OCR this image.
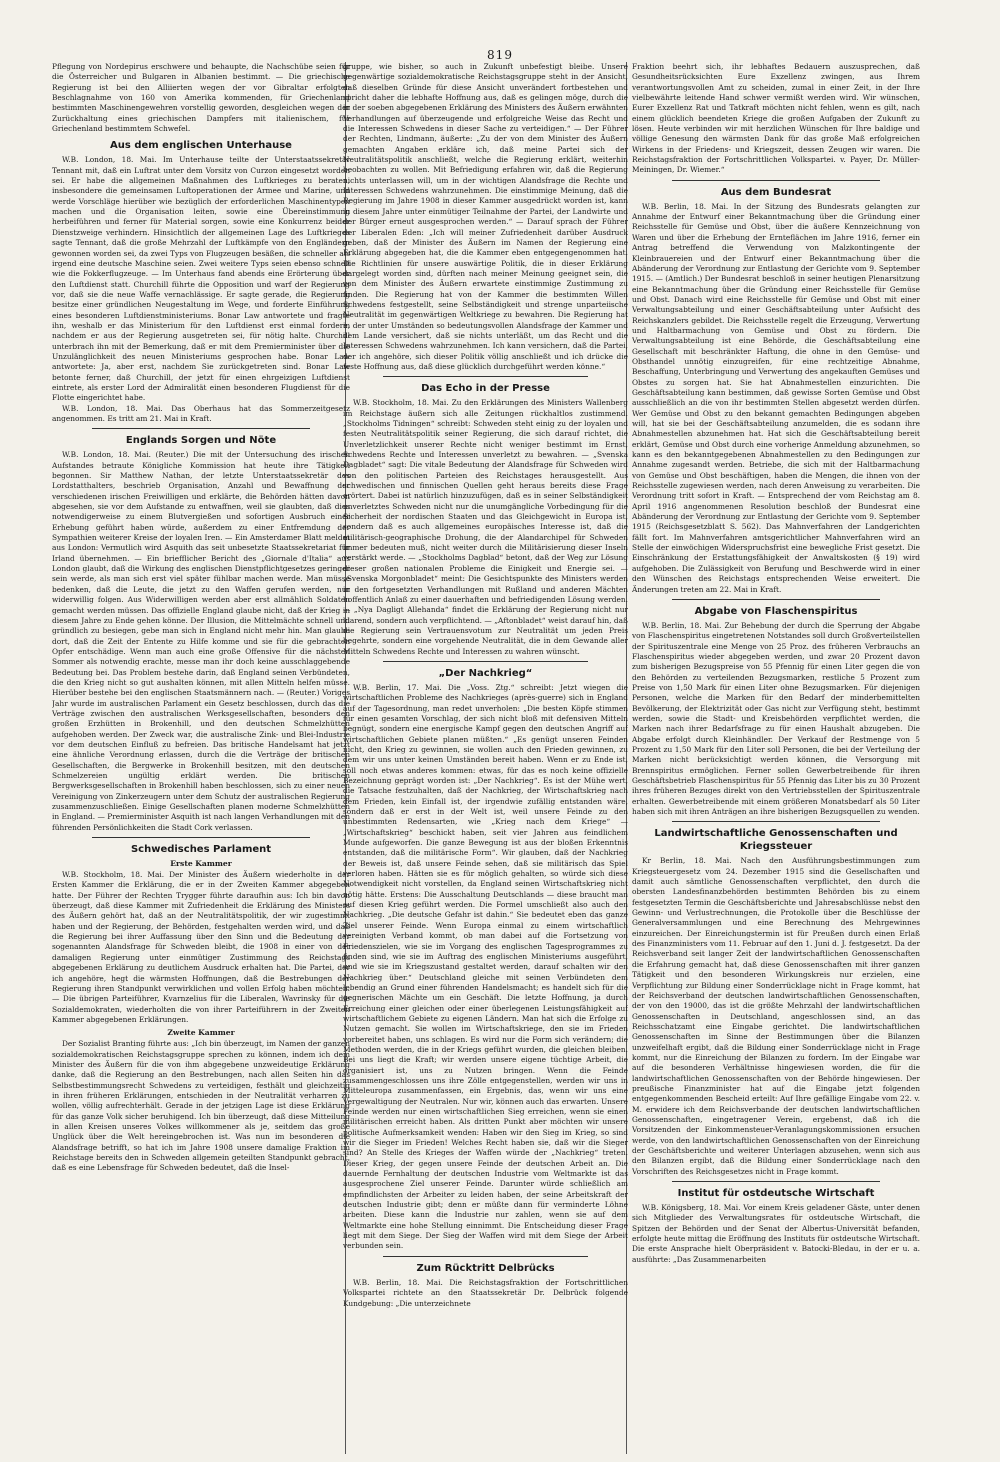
819

Pflegung von Nordepirus erschwere und behaupte, die Nachschübe seien für die Österreicher und Bulgaren in Albanien bestimmt. — Die griechische Regierung ist bei den Alliierten wegen der vor Gibraltar erfolgten Beschlagnahme von 160 von Amerika kommenden, für Griechenland bestimmten Maschinengewehren vorstellig geworden, desgleichen wegen der Zurückhaltung eines griechischen Dampfers mit italienischem, für Griechenland bestimmtem Schwefel.

Aus dem englischen Unterhause

W.B. London, 18. Mai. Im Unterhause teilte der Unterstaatssekretär Tennant mit, daß ein Luftrat unter dem Vorsitz von Curzon eingesetzt worden sei. Er habe die allgemeinen Maßnahmen des Luftkrieges zu beraten, insbesondere die gemeinsamen Luftoperationen der Armee und Marine, und werde Vorschläge hierüber wie bezüglich der erforderlichen Maschinentypen machen und die Organisation leiten, sowie eine Übereinstimmung herbeiführen und ferner für Material sorgen, sowie eine Konkurrenz beider Dienstzweige verhindern. Hinsichtlich der allgemeinen Lage des Luftkrieges sagte Tennant, daß die große Mehrzahl der Luftkämpfe von den Engländern gewonnen worden sei, da zwei Typs von Flugzeugen besäßen, die schneller als irgend eine deutsche Maschine seien. Zwei weitere Typs seien ebenso schnell wie die Fokkerflugzeuge. — Im Unterhaus fand abends eine Erörterung über den Luftdienst statt. Churchill führte die Opposition und warf der Regierung vor, daß sie die neue Waffe vernachlässige. Er sagte gerade, die Regierung besitze einer gründlichen Neugestaltung im Wege, und forderte Einführung eines besonderen Luftdienstministeriums. Bonar Law antwortete und fragte ihn, weshalb er das Ministerium für den Luftdienst erst einmal fordere, nachdem er aus der Regierung ausgetreten sei, für nötig halte. Churchill unterbrach ihn mit der Bemerkung, daß er mit dem Premierminister über die Unzulänglichkeit des neuen Ministeriums gesprochen habe. Bonar Law antwortete: Ja, aber erst, nachdem Sie zurückgetreten sind. Bonar Law betonte ferner, daß Churchill, der jetzt für einen ehrgeizigen Luftdienst eintrete, als erster Lord der Admiralität einen besonderen Flugdienst für die Flotte eingerichtet habe.

W.B. London, 18. Mai. Das Oberhaus hat das Sommerzeitgesetz angenommen. Es tritt am 21. Mai in Kraft.

Englands Sorgen und Nöte

W.B. London, 18. Mai. (Reuter.) Die mit der Untersuchung des irischen Aufstandes betraute Königliche Kommission hat heute ihre Tätigkeit begonnen. Sir Matthew Nathan, der letzte Unterstaatssekretär des Lordstatthalters, beschrieb Organisation, Anzahl und Bewaffnung der verschiedenen irischen Freiwilligen und erklärte, die Behörden hätten davon abgesehen, sie vor dem Aufstande zu entwaffnen, weil sie glaubten, daß dies notwendigerweise zu einem Blutvergießen und sofortigen Ausbruch einer Erhebung geführt haben würde, außerdem zu einer Entfremdung der Sympathien weiterer Kreise der loyalen Iren. — Ein Amsterdamer Blatt meldet aus London: Vermutlich wird Asquith das seit unbesetzte Staatssekretariat für Irland übernehmen. — Ein briefflicher Bericht des „Giornale d'Italia“ aus London glaubt, daß die Wirkung des englischen Dienstpflichtgesetzes geringer sein werde, als man sich erst viel später fühlbar machen werde. Man müsse bedenken, daß die Leute, die jetzt zu den Waffen gerufen werden, nur widerwillig folgen. Aus Widerwilligen werden aber erst allmählich Soldaten gemacht werden müssen. Das offizielle England glaube nicht, daß der Krieg in diesem Jahre zu Ende gehen könne. Der Illusion, die Mittelmächte schnell und gründlich zu besiegen, gebe man sich in England nicht mehr hin. Man glaube dort, daß die Zeit der Entente zu Hilfe komme und sie für die gebrachten Opfer entschädige. Wenn man auch eine große Offensive für die nächsten Sommer als notwendig erachte, messe man ihr doch keine ausschlaggebende Bedeutung bei. Das Problem bestehe darin, daß England seinen Verbündeten, die den Krieg nicht so gut aushalten können, mit allen Mitteln helfen müsse. Hierüber bestehe bei den englischen Staatsmännern nach. — (Reuter.) Voriges Jahr wurde im australischen Parlament ein Gesetz beschlossen, durch das die Verträge zwischen den australischen Werksgesellschaften, besonders den großen Erzhütten in Brokenhill, und den deutschen Schmelzhütten aufgehoben werden. Der Zweck war, die australische Zink- und Blei-Industrie vor dem deutschen Einfluß zu befreien. Das britische Handelsamt hat jetzt eine ähnliche Verordnung erlassen, durch die die Verträge der britischen Gesellschaften, die Bergwerke in Brokenhill besitzen, mit den deutschen Schmelzereien ungültig erklärt werden. Die britischen Bergwerksgesellschaften in Brokenhill haben beschlossen, sich zu einer neuen Vereinigung von Zinkerzeugern unter dem Schutz der australischen Regierung zusammenzuschließen. Einige Gesellschaften planen moderne Schmelzhütten in England. — Premierminister Asquith ist nach langen Verhandlungen mit den führenden Persönlichkeiten die Stadt Cork verlassen.

Schwedisches Parlament
Erste Kammer

W.B. Stockholm, 18. Mai. Der Minister des Äußern wiederholte in der Ersten Kammer die Erklärung, die er in der Zweiten Kammer abgegeben hatte. Der Führer der Rechten Trygger führte daraufhin aus: Ich bin davon überzeugt, daß diese Kammer mit Zufriedenheit die Erklärung des Ministers des Äußern gehört hat, daß an der Neutralitätspolitik, der wir zugestimmt haben und der Regierung, der Behörden, festgehalten werden wird, und daß die Regierung bei ihrer Auffassung über den Sinn und die Bedeutung der sogenannten Alandsfrage für Schweden bleibt, die 1908 in einer von der damaligen Regierung unter einmütiger Zustimmung des Reichstags abgegebenen Erklärung zu deutlichem Ausdruck erhalten hat. Die Partei, der ich angehöre, hegt die wärmsten Hoffnungen, daß die Bestrebungen der Regierung ihren Standpunkt verwirklichen und vollen Erfolg haben möchten. — Die übrigen Parteiführer, Kvarnzelius für die Liberalen, Wavrinsky für die Sozialdemokraten, wiederholten die von ihrer Parteiführern in der Zweiten Kammer abgegebenen Erklärungen.

Zweite Kammer

Der Sozialist Branting führte aus: „Ich bin überzeugt, im Namen der ganzen sozialdemokratischen Reichstagsgruppe sprechen zu können, indem ich dem Minister des Äußern für die von ihm abgegebene unzweideutige Erklärung danke, daß die Regierung an den Bestrebungen, nach allen Seiten hin das Selbstbestimmungsrecht Schwedens zu verteidigen, festhält und gleichzeitig in ihren früheren Erklärungen, entschieden in der Neutralität verharren zu wollen, völlig aufrechterhält. Gerade in der jetzigen Lage ist diese Erklärung für das ganze Volk sicher beruhigend. Ich bin überzeugt, daß diese Mitteilung in allen Kreisen unseres Volkes willkommener als je, seitdem das große Unglück über die Welt hereingebrochen ist. Was nun im besonderen die Alandsfrage betrifft, so hat ich im Jahre 1908 unsere damalige Fraktion im Reichstage bereits den in Schweden allgemein geteilten Standpunkt gebracht, daß es eine Lebensfrage für Schweden bedeutet, daß die Insel-

gruppe, wie bisher, so auch in Zukunft unbefestigt bleibe. Unsere gegenwärtige sozialdemokratische Reichstagsgruppe steht in der Ansicht, daß dieselben Gründe für diese Ansicht unverändert fortbestehen und spricht daher die lebhafte Hoffnung aus, daß es gelingen möge, durch die in der soeben abgegebenen Erklärung des Ministers des Äußern erwähnten Verhandlungen auf überzeugende und erfolgreiche Weise das Recht und die Interessen Schwedens in dieser Sache zu verteidigen.“ — Der Führer der Rechten, Lindmann, äußerte: „Zu der von dem Minister des Äußern gemachten Angaben erkläre ich, daß meine Partei sich der Neutralitätspolitik anschließt, welche die Regierung erklärt, weiterhin beobachten zu wollen. Mit Befriedigung erfahren wir, daß die Regierung nichts unterlassen will, um in der wichtigen Alandsfrage die Rechte und Interessen Schwedens wahrzunehmen. Die einstimmige Meinung, daß die Regierung im Jahre 1908 in dieser Kammer ausgedrückt worden ist, kann in diesem Jahre unter einmütiger Teilnahme der Partei, der Landwirte und der Bürger erneut ausgesprochen werden.“ — Darauf sprach der Führer der Liberalen Eden: „Ich will meiner Zufriedenheit darüber Ausdruck geben, daß der Minister des Äußern im Namen der Regierung eine Erklärung abgegeben hat, die die Kammer eben entgegengenommen hat. Die Richtlinien für unsere auswärtige Politik, die in dieser Erklärung dargelegt worden sind, dürften nach meiner Meinung geeignet sein, die von dem Minister des Äußern erwartete einstimmige Zustimmung zu finden. Die Regierung hat von der Kammer die bestimmten Willen Schwedens festgestellt, seine Selbständigkeit und strenge unparteiische Neutralität im gegenwärtigen Weltkriege zu bewahren. Die Regierung hat in der unter Umständen so bedeutungsvollen Alandsfrage der Kammer und dem Lande versichert, daß sie nichts unterläßt, um das Recht und die Interessen Schwedens wahrzunehmen. Ich kann versichern, daß die Partei, der ich angehöre, sich dieser Politik völlig anschließt und ich drücke die feste Hoffnung aus, daß diese glücklich durchgeführt werden könne.“

Das Echo in der Presse

W.B. Stockholm, 18. Mai. Zu den Erklärungen des Ministers Wallenberg im Reichstage äußern sich alle Zeitungen rückhaltlos zustimmend. „Stockholms Tidningen“ schreibt: Schweden steht einig zu der loyalen und festen Neutralitätspolitik seiner Regierung, die sich darauf richtet, die Unverletzlichkeit unserer Rechte nicht weniger bestimmt im Ernst, Schwedens Rechte und Interessen unverletzt zu bewahren. — „Svenska Dagbladet“ sagt: Die vitale Bedeutung der Alandsfrage für Schweden wird von den politischen Parteien des Reichstages herausgestellt. Aus schwedischen und finnischen Quellen geht heraus bereits diese Frage erörtert. Dabei ist natürlich hinzuzufügen, daß es in seiner Selbständigkeit unverletztes Schweden nicht nur die unumgängliche Vorbedingung für die Sicherheit der nordischen Staaten und das Gleichgewicht in Europa ist, sondern daß es auch allgemeines europäisches Interesse ist, daß die militärisch-geographische Drohung, die der Alandarchipel für Schweden immer bedeuten muß, nicht weiter durch die Militärisierung dieser Inseln verstärkt werde. — „Stockholms Dagblad“ betont, daß der Weg zur Lösung dieser großen nationalen Probleme die Einigkeit und Energie sei. — „Svenska Morgonbladet“ meint: Die Gesichtspunkte des Ministers werden in den fortgesetzten Verhandlungen mit Rußland und anderen Mächten hoffentlich Anlaß zu einer dauerhaften und befriedigenden Lösung werden. — „Nya Dagligt Allehanda“ findet die Erklärung der Regierung nicht nur klarend, sondern auch verpflichtend. — „Aftonbladet“ weist darauf hin, daß die Regierung sein Vertrauensvotum zur Neutralität um jeden Preis begehrte, sondern eine vorgehende Neutralität, die in dem Gewande aller Mitteln Schwedens Rechte und Interessen zu wahren wünscht.

„Der Nachkrieg“

W.B. Berlin, 17. Mai. Die „Voss. Ztg.“ schreibt: Jetzt wiegen die wirtschaftlichen Probleme des Nachkrieges (après-guerre) sich in England auf der Tagesordnung, man redet unverholen: „Die besten Köpfe stimmen für einen gesamten Vorschlag, der sich nicht bloß mit defensiven Mitteln begnügt, sondern eine energische Kampf gegen den deutschen Angriff auf wirtschaftlichen Gebiete planen müßten.“ „Es genügt unseren Feinden nicht, den Krieg zu gewinnen, sie wollen auch den Frieden gewinnen, zu dem wir uns unter keinen Umständen bereit haben. Wenn er zu Ende ist, soll noch etwas anderes kommen: etwas, für das es noch keine offizielle Bezeichnung geprägt worden ist: „Der Nachkrieg“. Es ist der Mühe wert, die Tatsache festzuhalten, daß der Nachkrieg, der Wirtschaftskrieg nach dem Frieden, kein Einfall ist, der irgendwie zufällig entstanden wäre, sondern daß er erst in der Welt ist, weil unsere Feinde zu den unbestimmten Redensarten, wie „Krieg nach dem Kriege“ — „Wirtschaftskrieg“ beschickt haben, seit vier Jahren aus feindlichem Munde aufgeworfen. Die ganze Bewegung ist aus der bloßen Erkenntnis entstanden, daß die militärische Form“. Wir glauben, daß der Nachkrieg der Beweis ist, daß unsere Feinde sehen, daß sie militärisch das Spiel verloren haben. Hätten sie es für möglich gehalten, so würde sich diese Notwendigkeit nicht vorstellen, da England seinen Wirtschaftskrieg nicht nötig hätte. Erstens: Die Ausschaltung Deutschlands — diese braucht man auf diesen Krieg geführt werden. Die Formel umschließt also auch den Nachkrieg. „Die deutsche Gefahr ist dahin.“ Sie bedeutet eben das ganze Ziel unserer Feinde. Wenn Europa einmal zu einem wirtschaftlich vereinigten Verband kommt, ob man dabei auf die Fortsetzung von Friedenszielen, wie sie im Vorgang des englischen Tagesprogrammes zu finden sind, wie sie im Auftrag des englischen Ministeriums ausgeführt, und wie sie im Kriegszustand gestaltet werden, darauf schalten wir den Nachkrieg über.“ Deutschland gleiche mit seinen Verbündeten dem lebendig an Grund einer führenden Handelsmacht; es handelt sich für die gegnerischen Mächte um ein Geschäft. Die letzte Hoffnung, ja durch Erreichung einer gleichen oder einer überlegenen Leistungsfähigkeit auf wirtschaftlichem Gebiete zu eigenen Ländern. Man hat sich die Erfolge zu Nutzen gemacht. Sie wollen im Wirtschaftskriege, den sie im Frieden vorbereitet haben, uns schlagen. Es wird nur die Form sich verändern; die Methoden werden, die in der Kriegs geführt wurden, die gleichen bleiben. Bei uns liegt die Kraft; wir werden unsere eigene tüchtige Arbeit, die organisiert ist, uns zu Nutzen bringen. Wenn die Feinde zusammengeschlossen uns ihre Zölle entgegenstellen, werden wir uns in Mitteleuropa zusammenfassen, ein Ergebnis, das, wenn wir uns eine Vergewaltigung der Neutralen. Nur wir, können auch das erwarten. Unsere Feinde werden nur einen wirtschaftlichen Sieg erreichen, wenn sie einen militärischen erreicht haben. Als dritten Punkt aber möchten wir unsere politische Aufmerksamkeit wenden: Haben wir den Sieg im Krieg, so sind wir die Sieger im Frieden! Welches Recht haben sie, daß wir die Sieger sind? An Stelle des Krieges der Waffen würde der „Nachkrieg“ treten. Dieser Krieg, der gegen unsere Feinde der deutschen Arbeit an. Die dauernde Fernhaltung der deutschen Industrie vom Weltmarkte ist das ausgesprochene Ziel unserer Feinde. Darunter würde schließlich am empfindlichsten der Arbeiter zu leiden haben, der seine Arbeitskraft der deutschen Industrie gibt; denn er müßte dann für verminderte Löhne arbeiten. Diese kann die Industrie nur zahlen, wenn sie auf dem Weltmarkte eine hohe Stellung einnimmt. Die Entscheidung dieser Frage liegt mit dem Siege. Der Sieg der Waffen wird mit dem Siege der Arbeit verbunden sein.

Zum Rücktritt Delbrücks

W.B. Berlin, 18. Mai. Die Reichstagsfraktion der Fortschrittlichen Volkspartei richtete an den Staatssekretär Dr. Delbrück folgende Kundgebung: „Die unterzeichnete

Fraktion beehrt sich, ihr lebhaftes Bedauern auszusprechen, daß Gesundheitsrücksichten Eure Exzellenz zwingen, aus Ihrem verantwortungsvollen Amt zu scheiden, zumal in einer Zeit, in der Ihre vielbewährte leitende Hand schwer vermißt werden wird. Wir wünschen, Eurer Exzellenz Rat und Tatkraft möchten nicht fehlen, wenn es gilt, nach einem glücklich beendeten Kriege die großen Aufgaben der Zukunft zu lösen. Heute verbinden wir mit herzlichen Wünschen für Ihre baldige und völlige Genesung den wärmsten Dank für das große Maß erfolgreichen Wirkens in der Friedens- und Kriegszeit, dessen Zeugen wir waren. Die Reichstagsfraktion der Fortschrittlichen Volkspartei. v. Payer, Dr. Müller-Meiningen, Dr. Wiemer.“

Aus dem Bundesrat

W.B. Berlin, 18. Mai. In der Sitzung des Bundesrats gelangten zur Annahme der Entwurf einer Bekanntmachung über die Gründung einer Reichsstelle für Gemüse und Obst, über die äußere Kennzeichnung von Waren und über die Erhebung der Ernteflächen im Jahre 1916, ferner ein Antrag betreffend die Verwendung von Malzkontingente der Kleinbrauereien und der Entwurf einer Bekanntmachung über die Abänderung der Verordnung zur Entlastung der Gerichte vom 9. September 1915. — (Amtlich.) Der Bundesrat beschloß in seiner heutigen Plenarsitzung eine Bekanntmachung über die Gründung einer Reichsstelle für Gemüse und Obst. Danach wird eine Reichsstelle für Gemüse und Obst mit einer Verwaltungsabteilung und einer Geschäftsabteilung unter Aufsicht des Reichskanzlers gebildet. Die Reichsstelle regelt die Erzeugung, Verwertung und Haltbarmachung von Gemüse und Obst zu fördern. Die Verwaltungsabteilung ist eine Behörde, die Geschäftsabteilung eine Gesellschaft mit beschränkter Haftung, die ohne in den Gemüse- und Obsthandel unnötig einzugreifen, für eine rechtzeitige Abnahme, Beschaffung, Unterbringung und Verwertung des angekauften Gemüses und Obstes zu sorgen hat. Sie hat Abnahmestellen einzurichten. Die Geschäftsabteilung kann bestimmen, daß gewisse Sorten Gemüse und Obst ausschließlich an die von ihr bestimmten Stellen abgesetzt werden dürfen. Wer Gemüse und Obst zu den bekannt gemachten Bedingungen abgeben will, hat sie bei der Geschäftsabteilung anzumelden, die es sodann ihre Abnahmestellen abzunehmen hat. Hat sich die Geschäftsabteilung bereit erklärt, Gemüse und Obst durch eine vorherige Anmeldung abzunehmen, so kann es den bekanntgegebenen Abnahmestellen zu den Bedingungen zur Annahme zugesandt werden. Betriebe, die sich mit der Haltbarmachung von Gemüse und Obst beschäftigen, haben die Mengen, die ihnen von der Reichsstelle zugewiesen werden, nach deren Anweisung zu verarbeiten. Die Verordnung tritt sofort in Kraft. — Entsprechend der vom Reichstag am 8. April 1916 angenommenen Resolution beschloß der Bundesrat eine Abänderung der Verordnung zur Entlastung der Gerichte vom 9. September 1915 (Reichsgesetzblatt S. 562). Das Mahnverfahren der Landgerichten fällt fort. Im Mahnverfahren amtsgerichtlicher Mahnverfahren wird an Stelle der einwöchigen Widerspruchsfrist eine bewegliche Frist gesetzt. Die Einschränkung der Erstattungsfähigkeit der Anwaltskosten (§ 19) wird aufgehoben. Die Zulässigkeit von Berufung und Beschwerde wird in einer den Wünschen des Reichstags entsprechenden Weise erweitert. Die Änderungen treten am 22. Mai in Kraft.

Abgabe von Flaschenspiritus

W.B. Berlin, 18. Mai. Zur Behebung der durch die Sperrung der Abgabe von Flaschenspiritus eingetretenen Notstandes soll durch Großverteilstellen der Spirituszentrale eine Menge von 25 Proz. des früheren Verbrauchs an Flaschenspiritus wieder abgegeben werden, und zwar 20 Prozent davon zum bisherigen Bezugspreise von 55 Pfennig für einen Liter gegen die von den Behörden zu verteilenden Bezugsmarken, restliche 5 Prozent zum Preise von 1,50 Mark für einen Liter ohne Bezugsmarken. Für diejenigen Personen, welche die Marken für den Bedarf der minderbemittelten Bevölkerung, der Elektrizität oder Gas nicht zur Verfügung steht, bestimmt werden, sowie die Stadt- und Kreisbehörden verpflichtet werden, die Marken nach ihrer Bedarfsfrage zu für einen Haushalt abzugeben. Die Abgabe erfolgt durch Kleinhändler. Der Verkauf der Restmenge von 5 Prozent zu 1,50 Mark für den Liter soll Personen, die bei der Verteilung der Marken nicht berücksichtigt werden können, die Versorgung mit Brennspiritus ermöglichen. Ferner sollen Gewerbetreibende für ihren Geschäftsbetrieb Flaschenspiritus für 55 Pfennig das Liter bis zu 30 Prozent ihres früheren Bezuges direkt von den Vertriebsstellen der Spirituszentrale erhalten. Gewerbetreibende mit einem größeren Monatsbedarf als 50 Liter haben sich mit ihren Anträgen an ihre bisherigen Bezugsquellen zu wenden.

Landwirtschaftliche Genossenschaften und Kriegssteuer

Kr Berlin, 18. Mai. Nach den Ausführungsbestimmungen zum Kriegsteuergesetz vom 24. Dezember 1915 sind die Gesellschaften und damit auch sämtliche Genossenschaften verpflichtet, den durch die obersten Landesfinanzbehörden bestimmten Behörden bis zu einem festgesetzten Termin die Geschäftsberichte und Jahresabschlüsse nebst den Gewinn- und Verlustrechnungen, die Protokolle über die Beschlüsse der Generalversammlungen und eine Berechnung des Mehrgewinnes einzureichen. Der Einreichungstermin ist für Preußen durch einen Erlaß des Finanzministers vom 11. Februar auf den 1. Juni d. J. festgesetzt. Da der Reichsverband seit langer Zeit der landwirtschaftlichen Genossenschaften die Erfahrung gemacht hat, daß diese Genossenschaften mit ihrer ganzen Tätigkeit und den besonderen Wirkungskreis nur erzielen, eine Verpflichtung zur Bildung einer Sonderrücklage nicht in Frage kommt, hat der Reichsverband der deutschen landwirtschaftlichen Genossenschaften, der von den 19000, das ist die größte Mehrzahl der landwirtschaftlichen Genossenschaften in Deutschland, angeschlossen sind, an das Reichsschatzamt eine Eingabe gerichtet. Die landwirtschaftlichen Genossenschaften im Sinne der Bestimmungen über die Bilanzen unzweifelhaft ergibt, daß die Bildung einer Sonderrücklage nicht in Frage kommt, nur die Einreichung der Bilanzen zu fordern. Im der Eingabe war auf die besonderen Verhältnisse hingewiesen worden, die für die landwirtschaftlichen Genossenschaften von der Behörde hingewiesen. Der preußische Finanzminister hat auf die Eingabe jetzt folgenden entgegenkommenden Bescheid erteilt: Auf Ihre gefällige Eingabe vom 22. v. M. erwidere ich dem Reichsverbande der deutschen landwirtschaftlichen Genossenschaften, eingetragener Verein, ergebenst, daß ich die Vorsitzenden der Einkommensteuer-Veranlagungskommissionen ersuchen werde, von den landwirtschaftlichen Genossenschaften von der Einreichung der Geschäftsberichte und weiterer Unterlagen abzusehen, wenn sich aus den Bilanzen ergibt, daß die Bildung einer Sonderrücklage nach den Vorschriften des Reichsgesetzes nicht in Frage kommt.

Institut für ostdeutsche Wirtschaft

W.B. Königsberg, 18. Mai. Vor einem Kreis geladener Gäste, unter denen sich Mitglieder des Verwaltungsrates für ostdeutsche Wirtschaft, die Spitzen der Behörden und der Senat der Albertus-Universität befanden, erfolgte heute mittag die Eröffnung des Instituts für ostdeutsche Wirtschaft. Die erste Ansprache hielt Oberpräsident v. Batocki-Bledau, in der er u. a. ausführte: „Das Zusammenarbeiten
